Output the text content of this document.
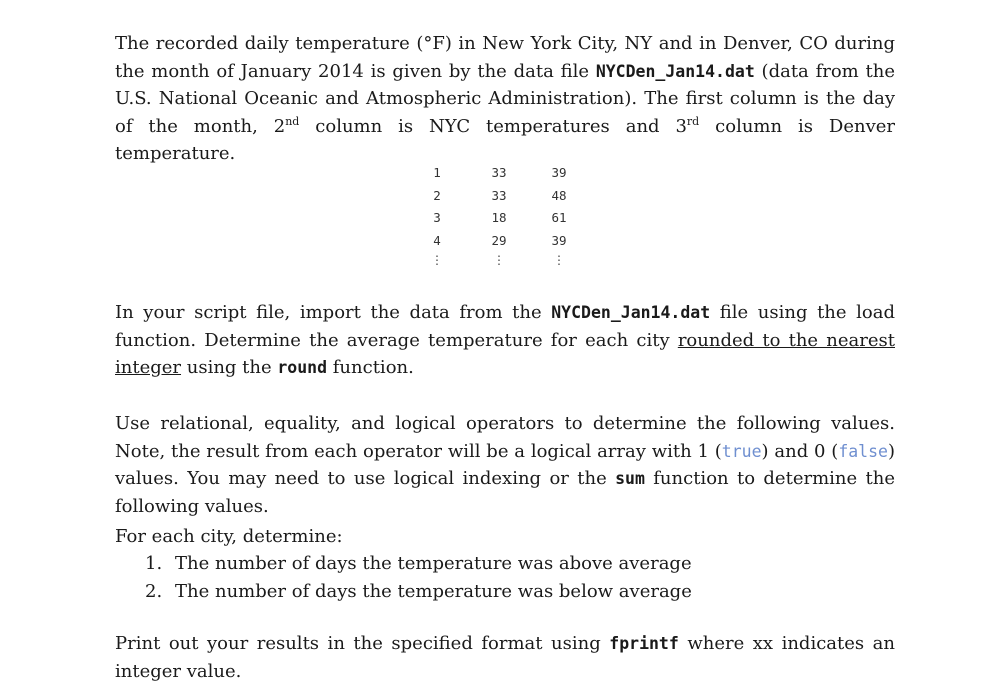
The recorded daily temperature (°F) in New York City, NY and in Denver, CO during the month of January 2014 is given by the data file NYCDen_Jan14.dat (data from the U.S. National Oceanic and Atmospheric Administration). The first column is the day of the month, 2nd column is NYC temperatures and 3rd column is Denver temperature.

In your script file, import the data from the NYCDen_Jan14.dat file using the load function. Determine the average temperature for each city rounded to the nearest integer using the round function.

Use relational, equality, and logical operators to determine the following values. Note, the result from each operator will be a logical array with 1 (true) and 0 (false) values. You may need to use logical indexing or the sum function to determine the following values.

For each city, determine:

1. The number of days the temperature was above average
2. The number of days the temperature was below average

Print out your results in the specified format using fprintf where xx indicates an integer value.

1	33	39
2	33	48
3	18	61
4	29	39
⋮	⋮	⋮
